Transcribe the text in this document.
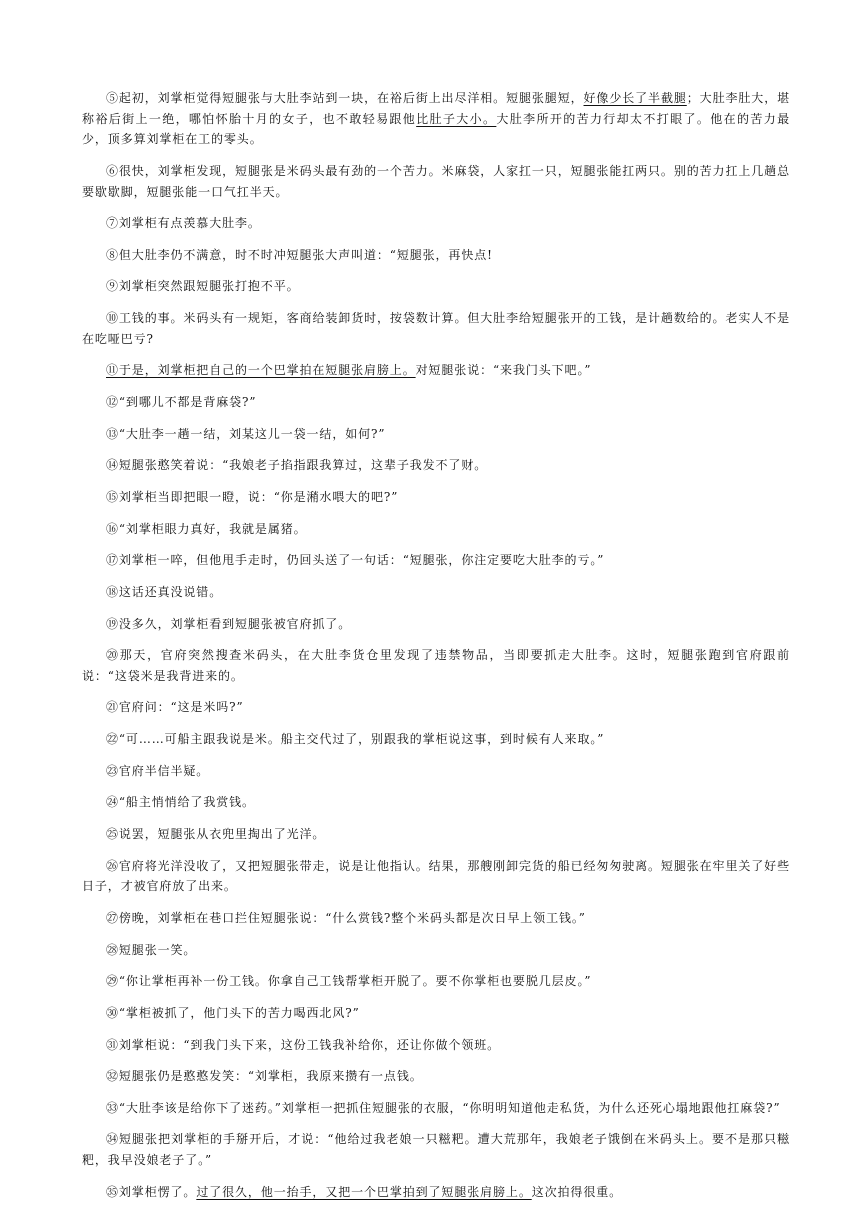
⑤起初，刘掌柜觉得短腿张与大肚李站到一块，在裕后街上出尽洋相。短腿张腿短，好像少长了半截腿；大肚李肚大，堪称裕后街上一绝，哪怕怀胎十月的女子，也不敢轻易跟他比肚子大小。大肚李所开的苦力行却太不打眼了。他在的苦力最少，顶多算刘掌柜在工的零头。

⑥很快，刘掌柜发现，短腿张是米码头最有劲的一个苦力。米麻袋，人家扛一只，短腿张能扛两只。别的苦力扛上几趟总要歇歇脚，短腿张能一口气扛半天。

⑦刘掌柜有点羡慕大肚李。

⑧但大肚李仍不满意，时不时冲短腿张大声叫道：“短腿张，再快点!

⑨刘掌柜突然跟短腿张打抱不平。

⑩工钱的事。米码头有一规矩，客商给装卸货时，按袋数计算。但大肚李给短腿张开的工钱，是计趟数给的。老实人不是在吃哑巴亏?

⑪于是，刘掌柜把自己的一个巴掌拍在短腿张肩膀上。对短腿张说：“来我门头下吧。”

⑫“到哪儿不都是背麻袋?”

⑬“大肚李一趟一结，刘某这儿一袋一结，如何?”

⑭短腿张憨笑着说：“我娘老子掐指跟我算过，这辈子我发不了财。

⑮刘掌柜当即把眼一瞪，说：“你是潲水喂大的吧?”

⑯“刘掌柜眼力真好，我就是属猪。

⑰刘掌柜一啐，但他甩手走时，仍回头送了一句话：“短腿张，你注定要吃大肚李的亏。”

⑱这话还真没说错。

⑲没多久，刘掌柜看到短腿张被官府抓了。

⑳那天，官府突然搜查米码头，在大肚李货仓里发现了违禁物品，当即要抓走大肚李。这时，短腿张跑到官府跟前说：“这袋米是我背进来的。

㉑官府问：“这是米吗?”

㉒“可……可船主跟我说是米。船主交代过了，别跟我的掌柜说这事，到时候有人来取。”

㉓官府半信半疑。

㉔“船主悄悄给了我赏钱。

㉕说罢，短腿张从衣兜里掏出了光洋。

㉖官府将光洋没收了，又把短腿张带走，说是让他指认。结果，那艘刚卸完货的船已经匆匆驶离。短腿张在牢里关了好些日子，才被官府放了出来。

㉗傍晚，刘掌柜在巷口拦住短腿张说：“什么赏钱?整个米码头都是次日早上领工钱。”

㉘短腿张一笑。

㉙“你让掌柜再补一份工钱。你拿自己工钱帮掌柜开脱了。要不你掌柜也要脱几层皮。”

㉚“掌柜被抓了，他门头下的苦力喝西北风?”

㉛刘掌柜说：“到我门头下来，这份工钱我补给你，还让你做个领班。

㉜短腿张仍是憨憨发笑：“刘掌柜，我原来攒有一点钱。

㉝“大肚李该是给你下了迷药。”刘掌柜一把抓住短腿张的衣服，“你明明知道他走私货，为什么还死心塌地跟他扛麻袋?”

㉞短腿张把刘掌柜的手掰开后，才说：“他给过我老娘一只糍粑。遭大荒那年，我娘老子饿倒在米码头上。要不是那只糍粑，我早没娘老子了。”

㉟刘掌柜愣了。过了很久，他一抬手，又把一个巴掌拍到了短腿张肩膀上。这次拍得很重。
